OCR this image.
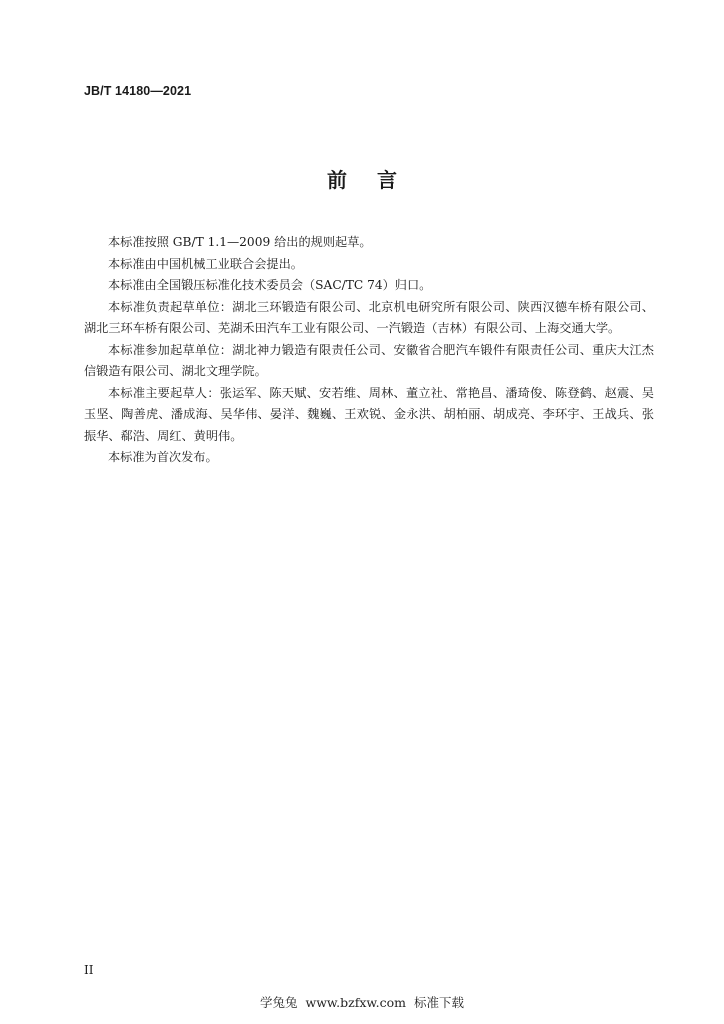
JB/T 14180—2021
前 言

本标准按照 GB/T 1.1—2009 给出的规则起草。

本标准由中国机械工业联合会提出。

本标准由全国锻压标准化技术委员会（SAC/TC 74）归口。

本标准负责起草单位：湖北三环锻造有限公司、北京机电研究所有限公司、陕西汉德车桥有限公司、湖北三环车桥有限公司、芜湖禾田汽车工业有限公司、一汽锻造（吉林）有限公司、上海交通大学。

本标准参加起草单位：湖北神力锻造有限责任公司、安徽省合肥汽车锻件有限责任公司、重庆大江杰信锻造有限公司、湖北文理学院。

本标准主要起草人：张运军、陈天赋、安若维、周林、董立社、常艳昌、潘琦俊、陈登鹤、赵震、吴玉坚、陶善虎、潘成海、吴华伟、晏洋、魏巍、王欢锐、金永洪、胡柏丽、胡成亮、李环宇、王战兵、张振华、郗浩、周红、黄明伟。

本标准为首次发布。

II
学兔兔 www.bzfxw.com 标准下载
